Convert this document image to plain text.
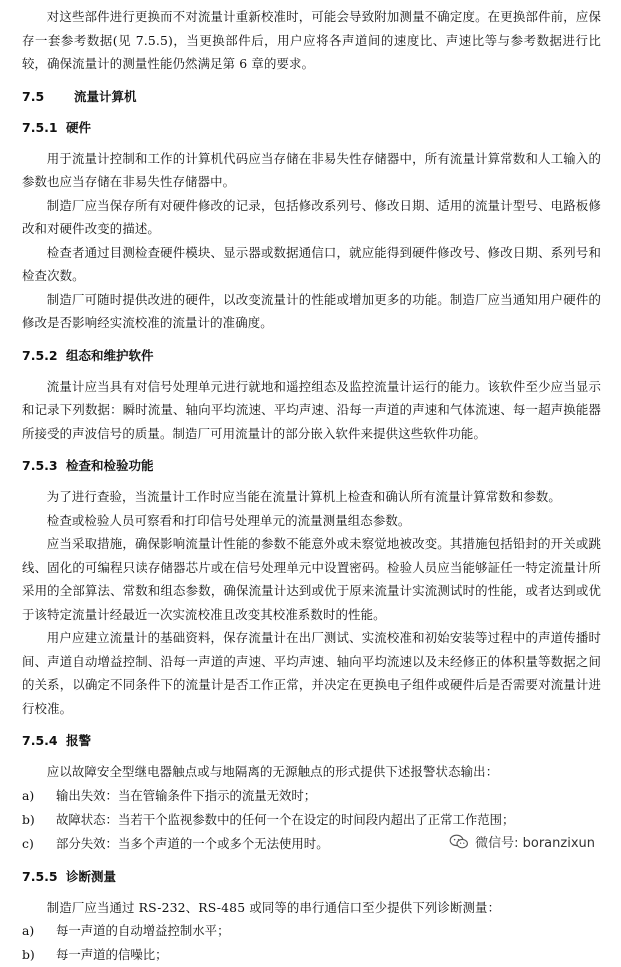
对这些部件进行更换而不对流量计重新校准时，可能会导致附加测量不确定度。在更换部件前，应保存一套参考数据(见 7.5.5)，当更换部件后，用户应将各声道间的速度比、声速比等与参考数据进行比较，确保流量计的测量性能仍然满足第 6 章的要求。

7.5 流量计算机
7.5.1 硬件

用于流量计控制和工作的计算机代码应当存储在非易失性存储器中，所有流量计算常数和人工输入的参数也应当存储在非易失性存储器中。

制造厂应当保存所有对硬件修改的记录，包括修改系列号、修改日期、适用的流量计型号、电路板修改和对硬件改变的描述。

检查者通过目测检查硬件模块、显示器或数据通信口，就应能得到硬件修改号、修改日期、系列号和检查次数。

制造厂可随时提供改进的硬件，以改变流量计的性能或增加更多的功能。制造厂应当通知用户硬件的修改是否影响经实流校准的流量计的准确度。

7.5.2 组态和维护软件

流量计应当具有对信号处理单元进行就地和遥控组态及监控流量计运行的能力。该软件至少应当显示和记录下列数据：瞬时流量、轴向平均流速、平均声速、沿每一声道的声速和气体流速、每一超声换能器所接受的声波信号的质量。制造厂可用流量计的部分嵌入软件来提供这些软件功能。

7.5.3 检查和检验功能

为了进行查验，当流量计工作时应当能在流量计算机上检查和确认所有流量计算常数和参数。

检查或检验人员可察看和打印信号处理单元的流量测量组态参数。

应当采取措施，确保影响流量计性能的参数不能意外或未察觉地被改变。其措施包括铅封的开关或跳线、固化的可编程只读存储器芯片或在信号处理单元中设置密码。检验人员应当能够証任一特定流量计所采用的全部算法、常数和组态参数，确保流量计达到或优于原来流量计实流测试时的性能，或者达到或优于该特定流量计经最近一次实流校准且改变其校准系数时的性能。

用户应建立流量计的基础资料，保存流量计在出厂测试、实流校准和初始安装等过程中的声道传播时间、声道自动增益控制、沿每一声道的声速、平均声速、轴向平均流速以及未经修正的体积量等数据之间的关系，以确定不同条件下的流量计是否工作正常，并决定在更换电子组件或硬件后是否需要对流量计进行校准。

7.5.4 报警

应以故障安全型继电器触点或与地隔离的无源触点的形式提供下述报警状态输出：

a) 输出失效：当在管输条件下指示的流量无效时；
b) 故障状态：当若干个监视参数中的任何一个在设定的时间段内超出了正常工作范围；
c) 部分失效：当多个声道的一个或多个无法使用时。
7.5.5 诊断测量

制造厂应当通过 RS-232、RS-485 或同等的串行通信口至少提供下列诊断测量：

a) 每一声道的自动增益控制水平；
b) 每一声道的信噪比；
微信号: boranzixun
